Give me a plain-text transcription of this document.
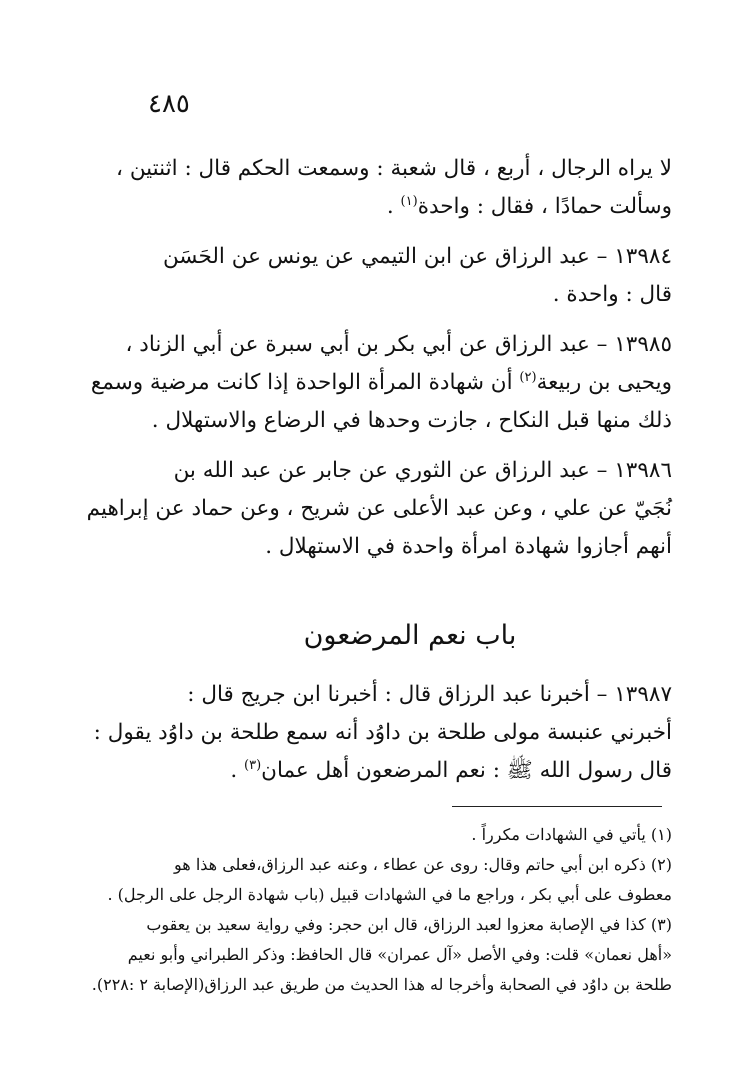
٤٨٥
لا يراه الرجال ، أربع ، قال شعبة : وسمعت الحكم قال : اثنتين ،
وسألت حمادًا ، فقال : واحدة$^{(١)}$ .
١٣٩٨٤ – عبد الرزاق عن ابن التيمي عن يونس عن الحَسَن
قال : واحدة .
١٣٩٨٥ – عبد الرزاق عن أبي بكر بن أبي سبرة عن أبي الزناد ،
ويحيى بن ربيعة$^{(٢)}$ أن شهادة المرأة الواحدة إذا كانت مرضية وسمع
ذلك منها قبل النكاح ، جازت وحدها في الرضاع والاستهلال .
١٣٩٨٦ – عبد الرزاق عن الثوري عن جابر عن عبد الله بن
نُجَيّ عن علي ، وعن عبد الأعلى عن شريح ، وعن حماد عن إبراهيم
أنهم أجازوا شهادة امرأة واحدة في الاستهلال .
باب نعم المرضعون
١٣٩٨٧ – أخبرنا عبد الرزاق قال : أخبرنا ابن جريج قال :
أخبرني عنبسة مولى طلحة بن داوُد أنه سمع طلحة بن داوُد يقول :
قال رسول الله ﷺ : نعم المرضعون أهل عمان$^{(٣)}$ .
(١) يأتي في الشهادات مكرراً .
(٢) ذكره ابن أبي حاتم وقال: روى عن عطاء ، وعنه عبد الرزاق،فعلى هذا هو
معطوف على أبي بكر ، وراجع ما في الشهادات قبيل (باب شهادة الرجل على الرجل) .
(٣) كذا في الإصابة معزوا لعبد الرزاق، قال ابن حجر: وفي رواية سعيد بن يعقوب
«أهل نعمان» قلت: وفي الأصل «آل عمران» قال الحافظ: وذكر الطبراني وأبو نعيم
طلحة بن داوُد في الصحابة وأخرجا له هذا الحديث من طريق عبد الرزاق(الإصابة ٢ :٢٢٨).
